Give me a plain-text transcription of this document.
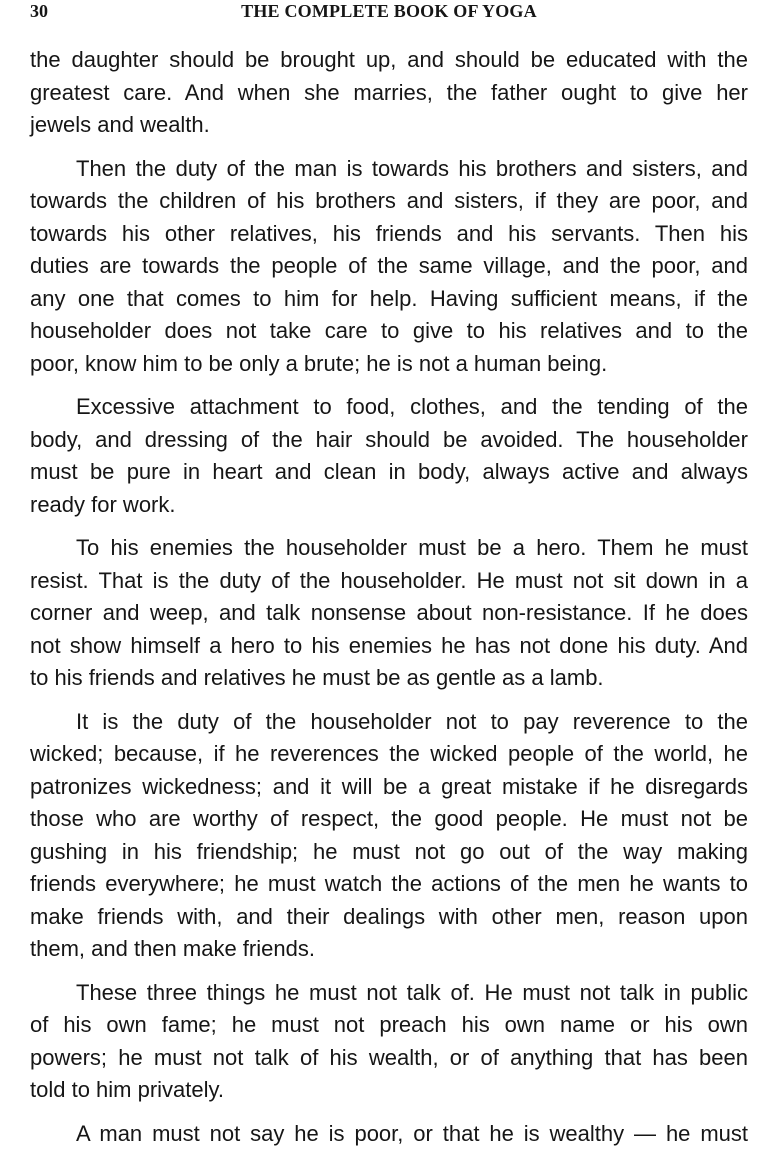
30	THE COMPLETE BOOK OF YOGA

the daughter should be brought up, and should be educated with the
greatest care. And when she marries, the father ought to give her
jewels and wealth.

Then the duty of the man is towards his brothers and sisters, and
towards the children of his brothers and sisters, if they are poor, and
towards his other relatives, his friends and his servants. Then his
duties are towards the people of the same village, and the poor, and
any one that comes to him for help. Having sufficient means, if the
householder does not take care to give to his relatives and to the
poor, know him to be only a brute; he is not a human being.

Excessive attachment to food, clothes, and the tending of the
body, and dressing of the hair should be avoided. The householder
must be pure in heart and clean in body, always active and always
ready for work.

To his enemies the householder must be a hero. Them he must
resist. That is the duty of the householder. He must not sit down in a
corner and weep, and talk nonsense about non-resistance. If he does
not show himself a hero to his enemies he has not done his duty. And
to his friends and relatives he must be as gentle as a lamb.

It is the duty of the householder not to pay reverence to the
wicked; because, if he reverences the wicked people of the world, he
patronizes wickedness; and it will be a great mistake if he disregards
those who are worthy of respect, the good people. He must not be
gushing in his friendship; he must not go out of the way making
friends everywhere; he must watch the actions of the men he wants to
make friends with, and their dealings with other men, reason upon
them, and then make friends.

These three things he must not talk of. He must not talk in public
of his own fame; he must not preach his own name or his own
powers; he must not talk of his wealth, or of anything that has been
told to him privately.

A man must not say he is poor, or that he is wealthy — he must
